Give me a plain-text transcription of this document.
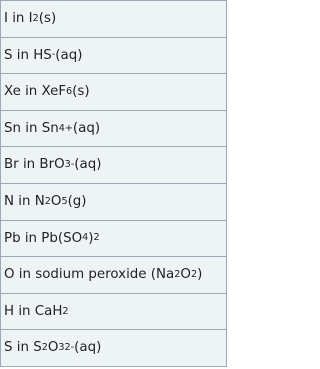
I in I 2 (s)
S in HS - (aq)
Xe in XeF 6 (s)
Sn in Sn 4+ (aq)
Br in BrO 3 - (aq)
N in N 2 O 5 (g)
Pb in Pb(SO 4 ) 2
O in sodium peroxide (Na 2 O 2 )
H in CaH 2
S in S 2 O 3 2- (aq)
